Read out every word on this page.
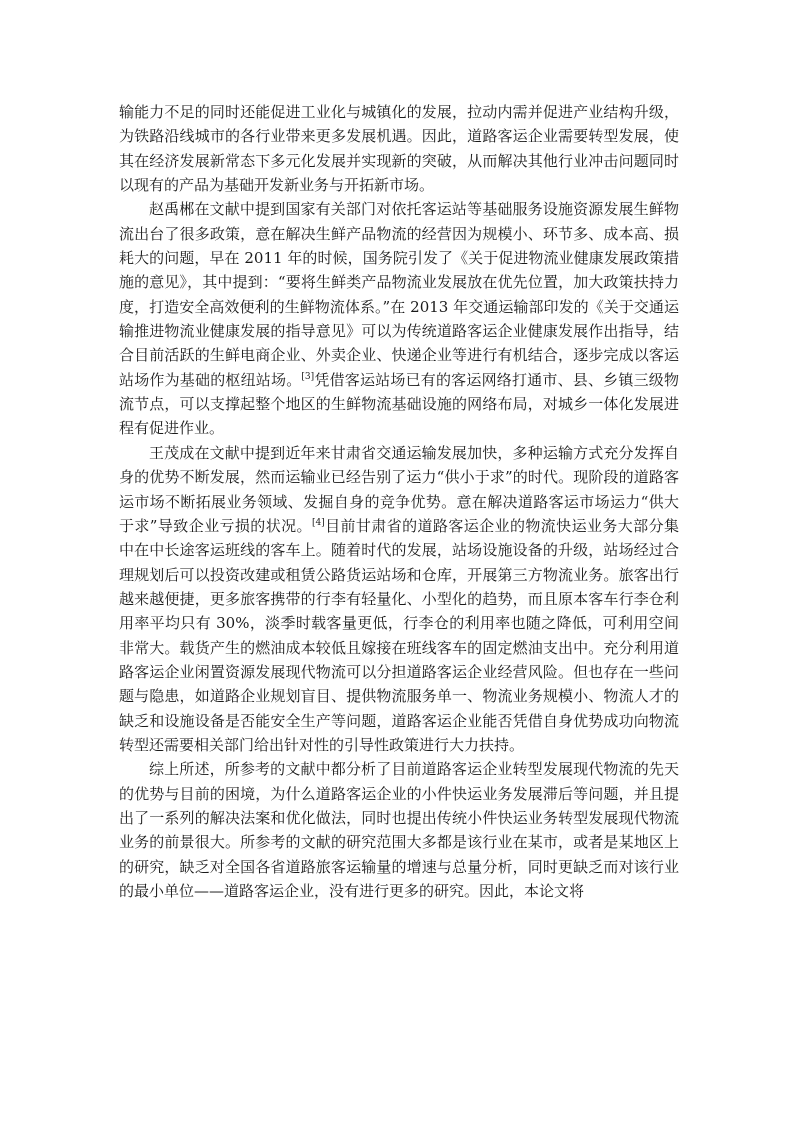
输能力不足的同时还能促进工业化与城镇化的发展，拉动内需并促进产业结构升级，为铁路沿线城市的各行业带来更多发展机遇。因此，道路客运企业需要转型发展，使其在经济发展新常态下多元化发展并实现新的突破，从而解决其他行业冲击问题同时以现有的产品为基础开发新业务与开拓新市场。

赵禹郴在文献中提到国家有关部门对依托客运站等基础服务设施资源发展生鲜物流出台了很多政策，意在解决生鲜产品物流的经营因为规模小、环节多、成本高、损耗大的问题，早在 2011 年的时候，国务院引发了《关于促进物流业健康发展政策措施的意见》，其中提到：“要将生鲜类产品物流业发展放在优先位置，加大政策扶持力度，打造安全高效便利的生鲜物流体系。”在 2013 年交通运输部印发的《关于交通运输推进物流业健康发展的指导意见》可以为传统道路客运企业健康发展作出指导，结合目前活跃的生鲜电商企业、外卖企业、快递企业等进行有机结合，逐步完成以客运站场作为基础的枢纽站场。[3]凭借客运站场已有的客运网络打通市、县、乡镇三级物流节点，可以支撑起整个地区的生鲜物流基础设施的网络布局，对城乡一体化发展进程有促进作业。

王茂成在文献中提到近年来甘肃省交通运输发展加快，多种运输方式充分发挥自身的优势不断发展，然而运输业已经告别了运力“供小于求”的时代。现阶段的道路客运市场不断拓展业务领域、发掘自身的竞争优势。意在解决道路客运市场运力“供大于求”导致企业亏损的状况。[4]目前甘肃省的道路客运企业的物流快运业务大部分集中在中长途客运班线的客车上。随着时代的发展，站场设施设备的升级，站场经过合理规划后可以投资改建或租赁公路货运站场和仓库，开展第三方物流业务。旅客出行越来越便捷，更多旅客携带的行李有轻量化、小型化的趋势，而且原本客车行李仓利用率平均只有 30%，淡季时载客量更低，行李仓的利用率也随之降低，可利用空间非常大。载货产生的燃油成本较低且嫁接在班线客车的固定燃油支出中。充分利用道路客运企业闲置资源发展现代物流可以分担道路客运企业经营风险。但也存在一些问题与隐患，如道路企业规划盲目、提供物流服务单一、物流业务规模小、物流人才的缺乏和设施设备是否能安全生产等问题，道路客运企业能否凭借自身优势成功向物流转型还需要相关部门给出针对性的引导性政策进行大力扶持。

综上所述，所参考的文献中都分析了目前道路客运企业转型发展现代物流的先天的优势与目前的困境，为什么道路客运企业的小件快运业务发展滞后等问题，并且提出了一系列的解决法案和优化做法，同时也提出传统小件快运业务转型发展现代物流业务的前景很大。所参考的文献的研究范围大多都是该行业在某市，或者是某地区上的研究，缺乏对全国各省道路旅客运输量的增速与总量分析，同时更缺乏而对该行业的最小单位——道路客运企业，没有进行更多的研究。因此，本论文将
